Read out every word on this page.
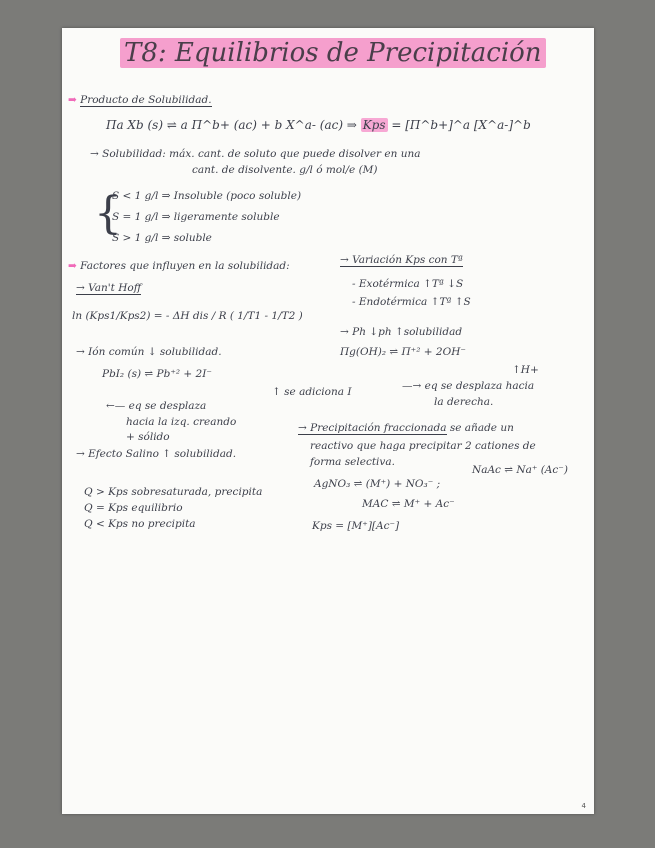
T8: Equilibrios de Precipitación
➡ Producto de Solubilidad.
Πa Xb (s) ⇌ a Π^b+ (ac) + b X^a- (ac) ⇒ Kps = [Π^b+]^a [X^a-]^b
→ Solubilidad: máx. cant. de soluto que puede disolver en una
cant. de disolvente. g/l ó mol/e (M)
{
S < 1 g/l ⇒ Insoluble (poco soluble)
S = 1 g/l ⇒ ligeramente soluble
S > 1 g/l ⇒ soluble
➡ Factores que influyen en la solubilidad:
→ Van't Hoff
ln (Kps1/Kps2) = - ΔH dis / R ( 1/T1 - 1/T2 )
→ Variación Kps con Tª
- Exotérmica ↑Tª ↓S
- Endotérmica ↑Tª ↑S
→ Ión común ↓ solubilidad.
PbI₂ (s) ⇌ Pb⁺² + 2I⁻
↑ se adiciona I
←— eq se desplaza
hacia la izq. creando
+ sólido
→ Ph ↓ph ↑solubilidad
Πg(OH)₂ ⇌ Π⁺² + 2OH⁻
↑H+
—→ eq se desplaza hacia
la derecha.
→ Efecto Salino ↑ solubilidad.
→ Precipitación fraccionada se añade un
reactivo que haga precipitar 2 cationes de
forma selectiva.
AgNO₃ ⇌ (M⁺) + NO₃⁻ ;
NaAc ⇌ Na⁺ (Ac⁻)
MAC ⇌ M⁺ + Ac⁻
Kps = [M⁺][Ac⁻]
Q > Kps sobresaturada, precipita
Q = Kps equilibrio
Q < Kps no precipita
4
